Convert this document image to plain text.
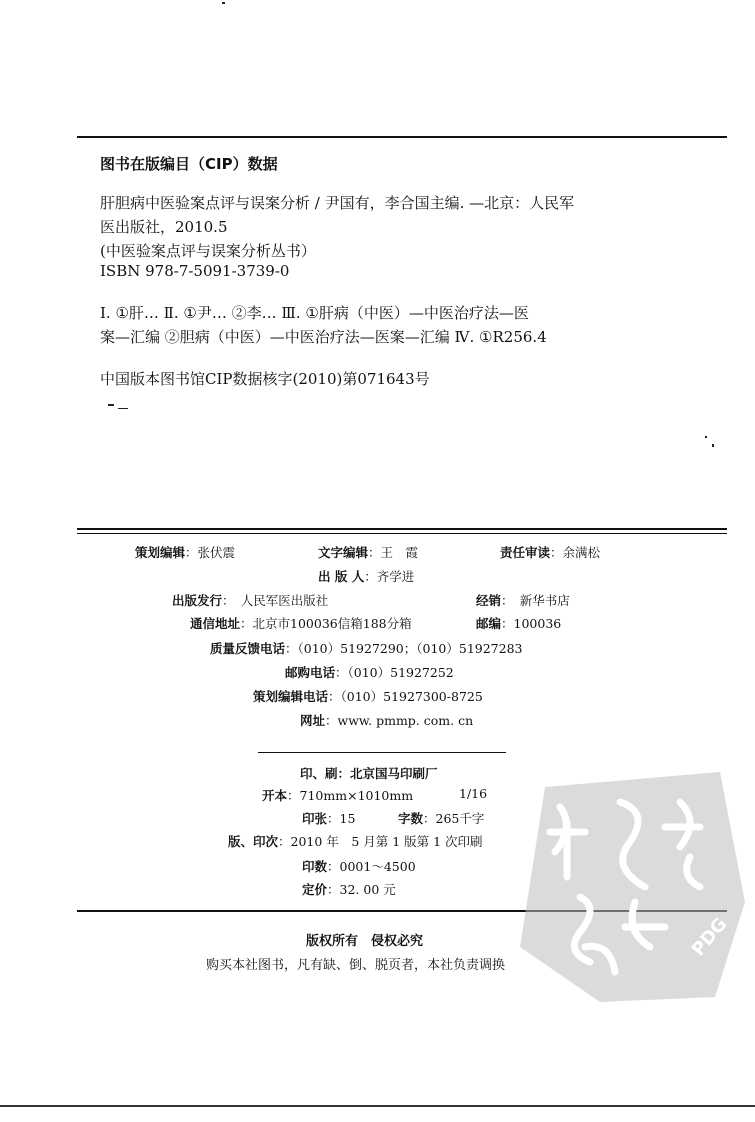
图书在版编目（CIP）数据
肝胆病中医验案点评与误案分析 / 尹国有，李合国主编. —北京：人民军
医出版社，2010.5
(中医验案点评与误案分析丛书）
ISBN 978-7-5091-3739-0
Ⅰ. ①肝… Ⅱ. ①尹… ②李… Ⅲ. ①肝病（中医）—中医治疗法—医
案—汇编 ②胆病（中医）—中医治疗法—医案—汇编 Ⅳ. ①R256.4
中国版本图书馆CIP数据核字(2010)第071643号
策划编辑：张伏震	文字编辑：王　霞	责任审读：余满松
出 版 人：齐学进
出版发行：　人民军医出版社	经销：　新华书店
通信地址：北京市100036信箱188分箱	邮编：100036
质量反馈电话：（010）51927290；（010）51927283
邮购电话：（010）51927252
策划编辑电话：（010）51927300-8725
网址：www. pmmp. com. cn
印、刷：北京国马印刷厂
开本：710mm×1010mm	1/16
印张：15	字数：265千字
版、印次：2010 年　5 月第 1 版第 1 次印刷
印数：0001～4500
定价：32. 00 元
版权所有　侵权必究
购买本社图书，凡有缺、倒、脱页者，本社负责调换
PDG
